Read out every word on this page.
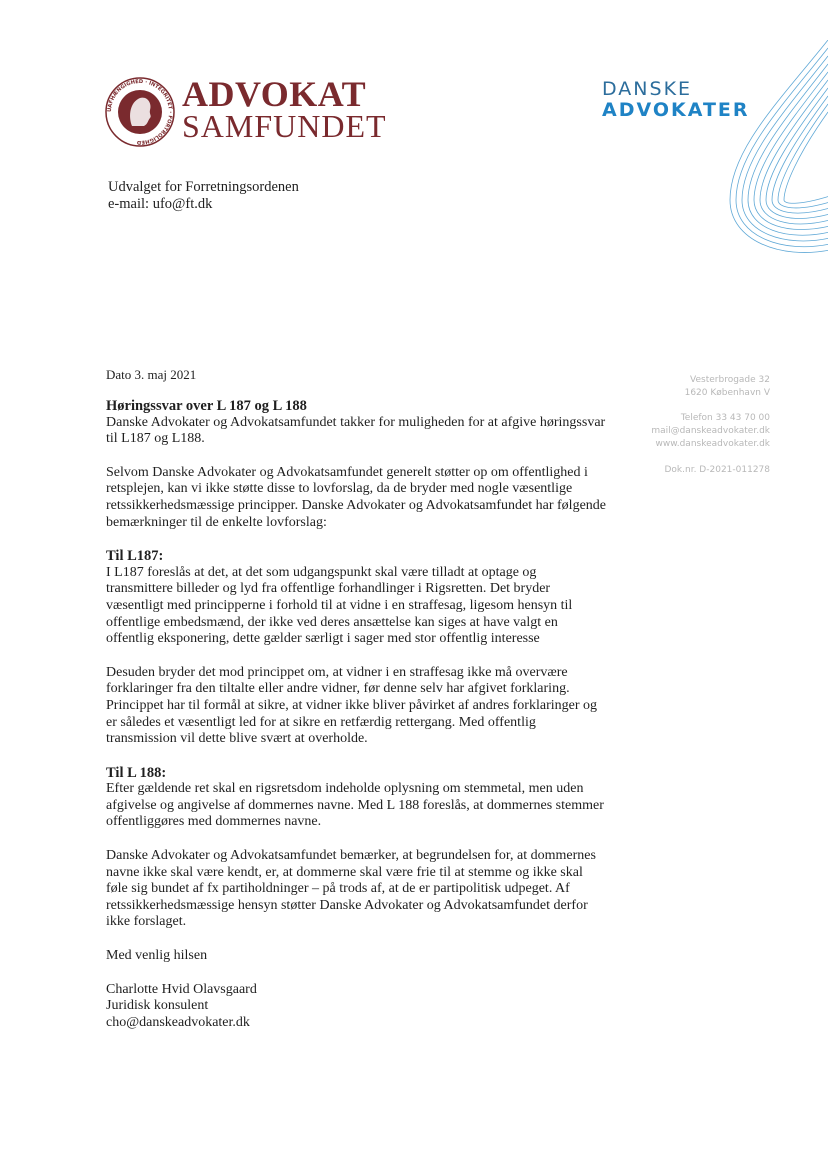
UAFHÆNGIGHED · INTEGRITET · FORTROLIGHED
ADVOKAT
SAMFUNDET
DANSKE
ADVOKATER
Udvalget for Forretningsordenen
e-mail: ufo@ft.dk
Dato 3. maj 2021	Vesterbrogade 32
1620 København V
Telefon 33 43 70 00
mail@danskeadvokater.dk
www.danskeadvokater.dk
Dok.nr. D-2021-011278

Høringssvar over L 187 og L 188

Danske Advokater og Advokatsamfundet takker for muligheden for at afgive høringssvar til L187 og L188.

Selvom Danske Advokater og Advokatsamfundet generelt støtter op om offentlighed i retsplejen, kan vi ikke støtte disse to lovforslag, da de bryder med nogle væsentlige retssikkerhedsmæssige principper. Danske Advokater og Advokatsamfundet har følgende bemærkninger til de enkelte lovforslag:

Til L187:

I L187 foreslås at det, at det som udgangspunkt skal være tilladt at optage og transmittere billeder og lyd fra offentlige forhandlinger i Rigsretten. Det bryder væsentligt med principperne i forhold til at vidne i en straffesag, ligesom hensyn til offentlige embedsmænd, der ikke ved deres ansættelse kan siges at have valgt en offentlig eksponering, dette gælder særligt i sager med stor offentlig interesse

Desuden bryder det mod princippet om, at vidner i en straffesag ikke må overvære forklaringer fra den tiltalte eller andre vidner, før denne selv har afgivet forklaring. Princippet har til formål at sikre, at vidner ikke bliver påvirket af andres forklaringer og er således et væsentligt led for at sikre en retfærdig rettergang. Med offentlig transmission vil dette blive svært at overholde.

Til L 188:

Efter gældende ret skal en rigsretsdom indeholde oplysning om stemmetal, men uden afgivelse og angivelse af dommernes navne. Med L 188 foreslås, at dommernes stemmer offentliggøres med dommernes navne.

Danske Advokater og Advokatsamfundet bemærker, at begrundelsen for, at dommernes navne ikke skal være kendt, er, at dommerne skal være frie til at stemme og ikke skal føle sig bundet af fx partiholdninger – på trods af, at de er partipolitisk udpeget. Af retssikkerhedsmæssige hensyn støtter Danske Advokater og Advokatsamfundet derfor ikke forslaget.

Med venlig hilsen

Charlotte Hvid Olavsgaard

Juridisk konsulent

cho@danskeadvokater.dk
